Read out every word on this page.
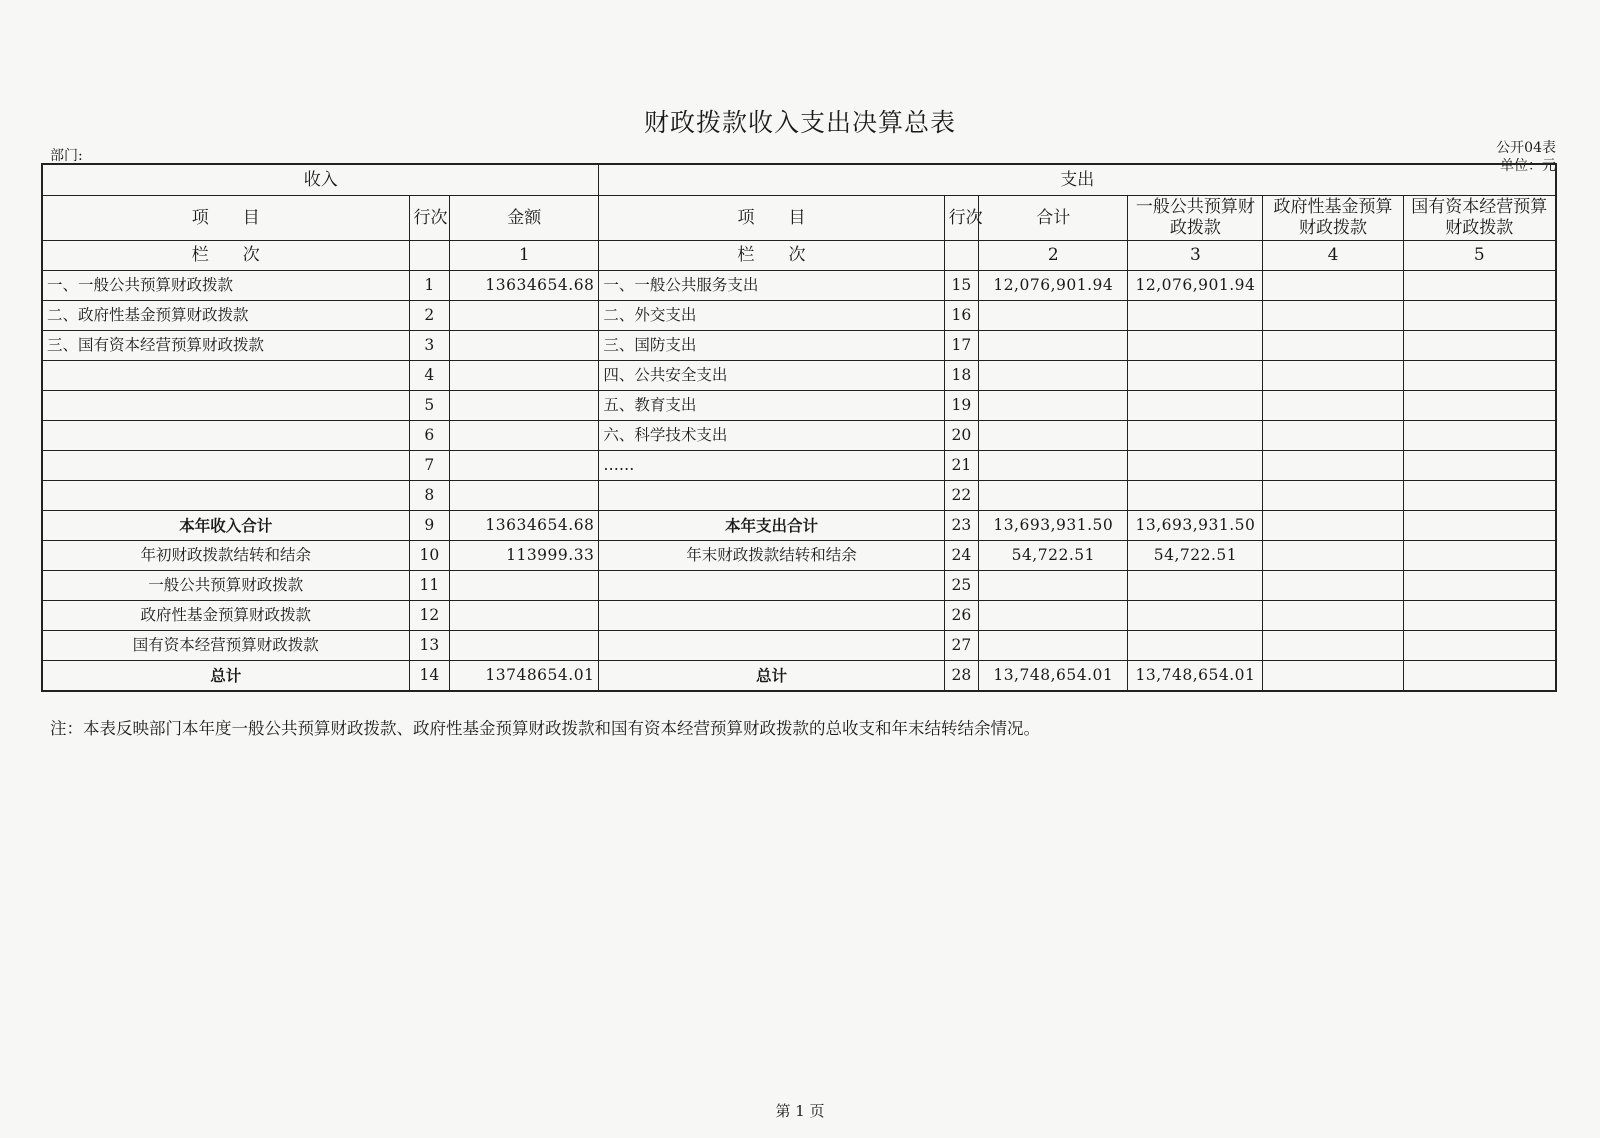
财政拨款收入支出决算总表
部门:	公开04表
单位：元
收入			支出					
项　　目	行次	金额	项　　目	行次	合计	一般公共预算财政拨款	政府性基金预算财政拨款	国有资本经营预算财政拨款
栏　　次		1	栏　　次		2	3	4	5
一、一般公共预算财政拨款	1	13634654.68	一、一般公共服务支出	15	12,076,901.94	12,076,901.94		
二、政府性基金预算财政拨款	2		二、外交支出	16				
三、国有资本经营预算财政拨款	3		三、国防支出	17				
	4		四、公共安全支出	18				
	5		五、教育支出	19				
	6		六、科学技术支出	20				
	7		……	21				
	8			22				
本年收入合计	9	13634654.68	本年支出合计	23	13,693,931.50	13,693,931.50		
年初财政拨款结转和结余	10	113999.33	年末财政拨款结转和结余	24	54,722.51	54,722.51		
一般公共预算财政拨款	11			25				
政府性基金预算财政拨款	12			26				
国有资本经营预算财政拨款	13			27				
总计	14	13748654.01	总计	28	13,748,654.01	13,748,654.01		
注：本表反映部门本年度一般公共预算财政拨款、政府性基金预算财政拨款和国有资本经营预算财政拨款的总收支和年末结转结余情况。
第 1 页
